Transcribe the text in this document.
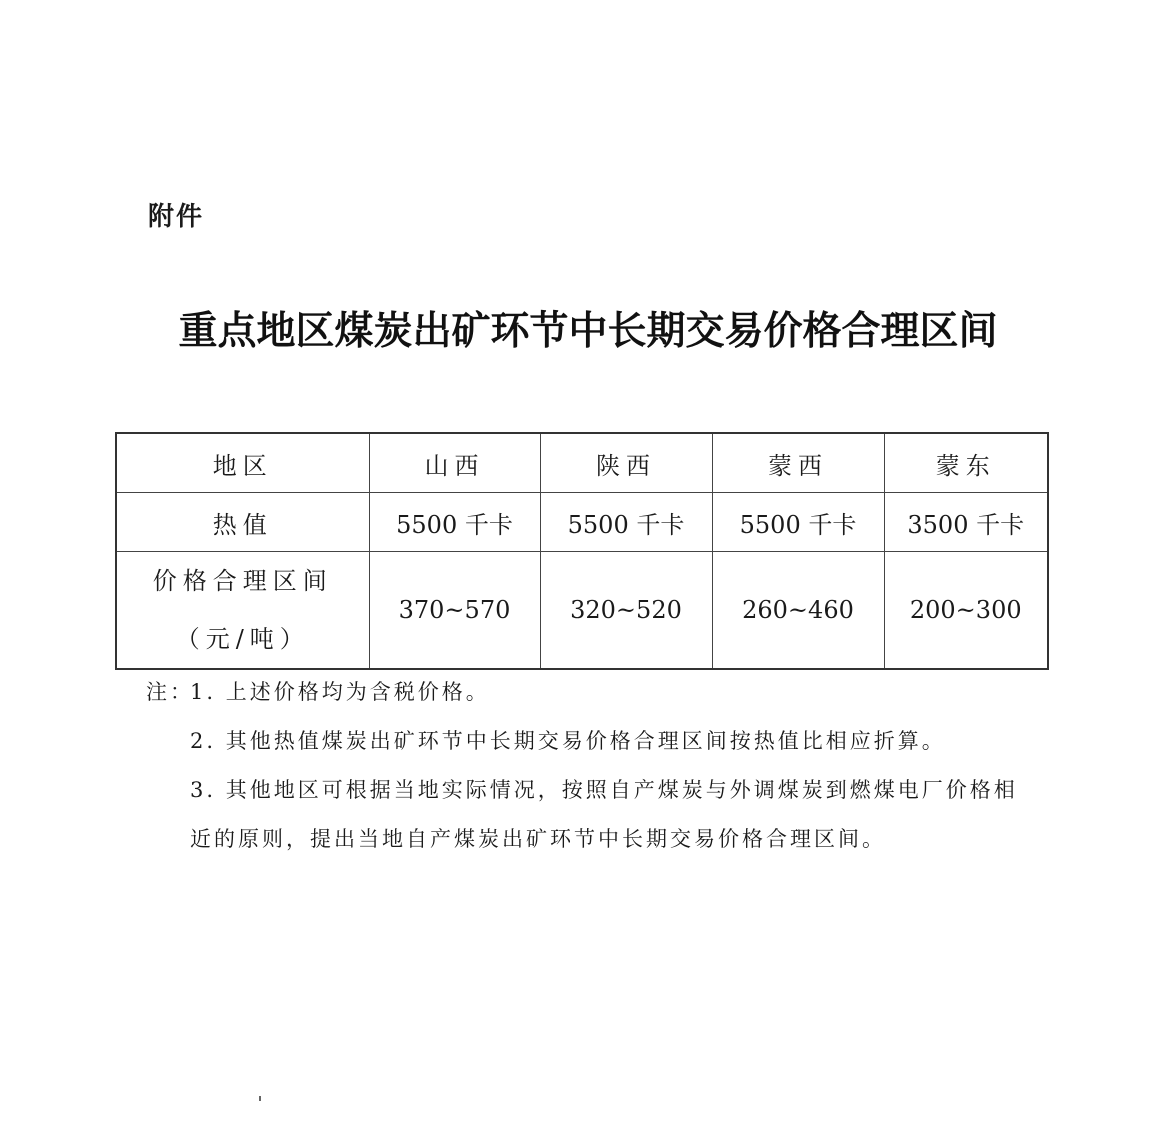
附件
重点地区煤炭出矿环节中长期交易价格合理区间
地区	山西	陕西	蒙西	蒙东
热值	5500 千卡	5500 千卡	5500 千卡	3500 千卡

价格合理区间
（元/吨）	370~570	320~520	260~460	200~300
注：
1. 上述价格均为含税价格。
2. 其他热值煤炭出矿环节中长期交易价格合理区间按热值比相应折算。
3. 其他地区可根据当地实际情况，按照自产煤炭与外调煤炭到燃煤电厂价格相
近的原则，提出当地自产煤炭出矿环节中长期交易价格合理区间。
